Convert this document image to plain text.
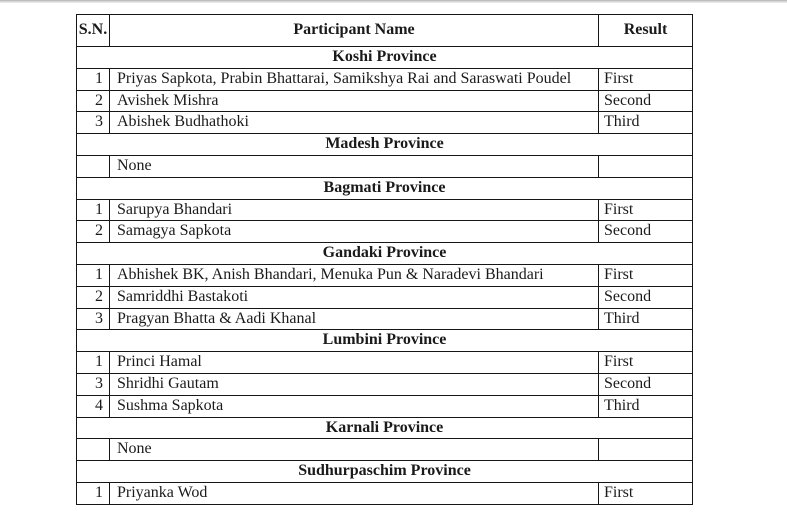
S.N.	Participant Name	Result
Koshi Province		
1	Priyas Sapkota, Prabin Bhattarai, Samikshya Rai and Saraswati Poudel	First
2	Avishek Mishra	Second
3	Abishek Budhathoki	Third
Madesh Province		
	None	
Bagmati Province		
1	Sarupya Bhandari	First
2	Samagya Sapkota	Second
Gandaki Province		
1	Abhishek BK, Anish Bhandari, Menuka Pun & Naradevi Bhandari	First
2	Samriddhi Bastakoti	Second
3	Pragyan Bhatta & Aadi Khanal	Third
Lumbini Province		
1	Princi Hamal	First
3	Shridhi Gautam	Second
4	Sushma Sapkota	Third
Karnali Province		
	None	
Sudhurpaschim Province		
1	Priyanka Wod	First
